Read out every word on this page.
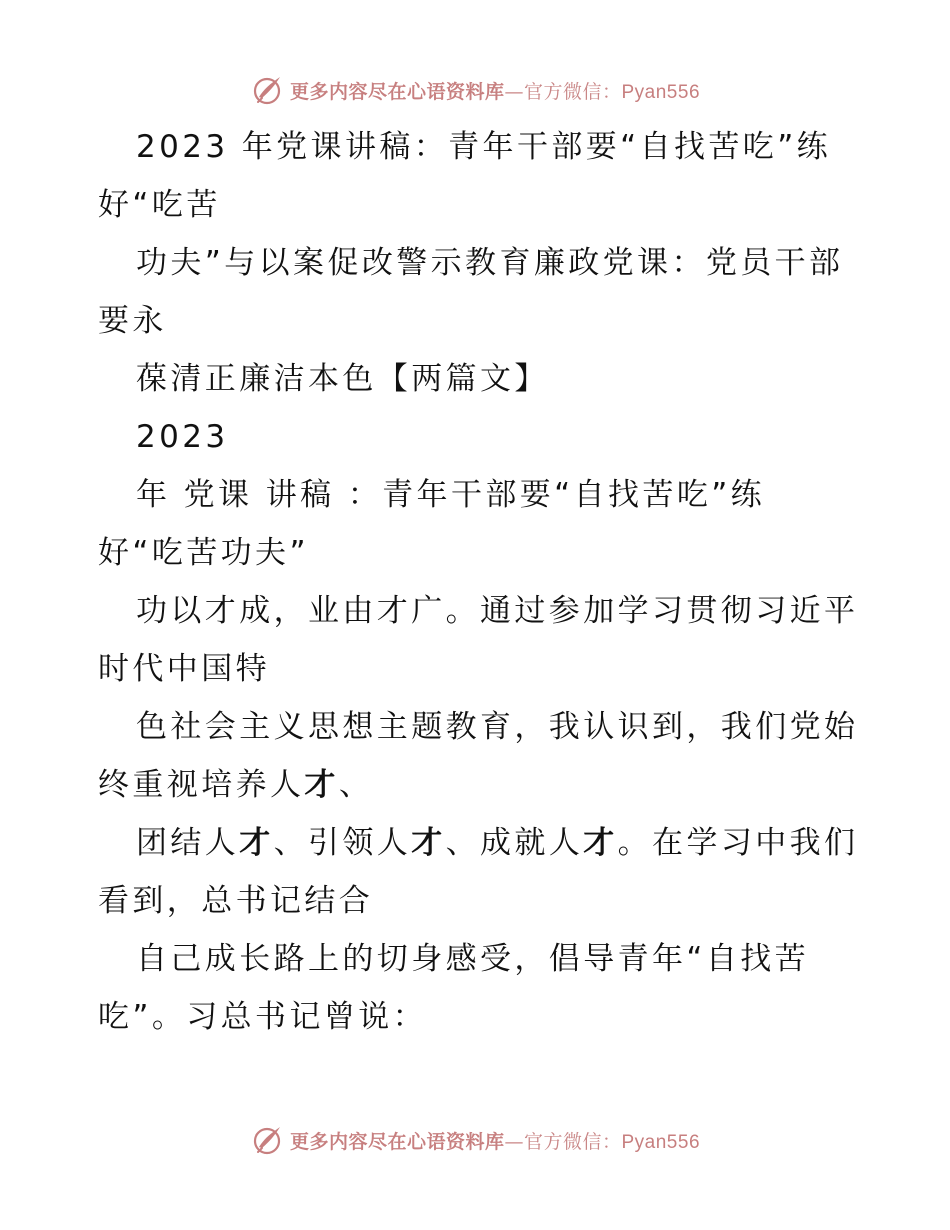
更多内容尽在心语资料库—官方微信：Pyan556
2023 年党课讲稿：青年干部要“自找苦吃”练
好“吃苦
功夫”与以案促改警示教育廉政党课：党员干部
要永
葆清正廉洁本色【两篇文】
2023
年 党课 讲稿 ：青年干部要“自找苦吃”练
好“吃苦功夫”
功以才成，业由才广。通过参加学习贯彻习近平
时代中国特
色社会主义思想主题教育，我认识到，我们党始
终重视培养人才、
团结人才、引领人才、成就人才。在学习中我们
看到，总书记结合
自己成长路上的切身感受，倡导青年“自找苦
吃”。习总书记曾说：
更多内容尽在心语资料库—官方微信：Pyan556
